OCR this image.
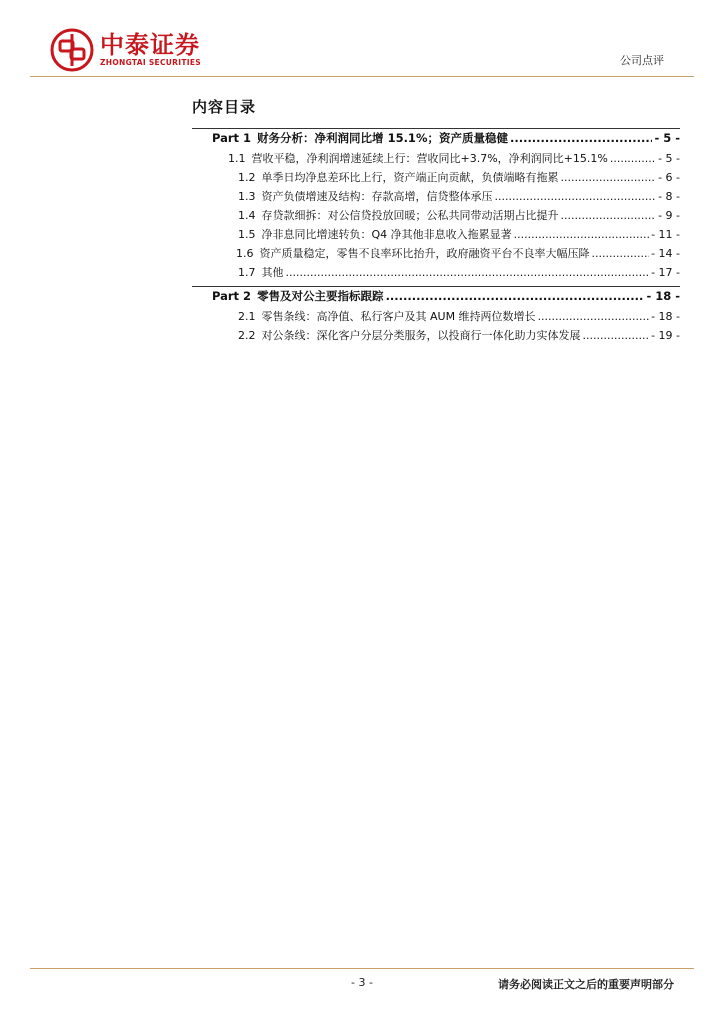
中泰证券
ZHONGTAI SECURITIES	公司点评
内容目录
Part 1 财务分析：净利润同比增 15.1%；资产质量稳健 .....	- 5 -
1.1 营收平稳，净利润增速延续上行：营收同比+3.7%，净利润同比+15.1% .....	- 5 -
1.2 单季日均净息差环比上行，资产端正向贡献，负债端略有拖累 .....	- 6 -
1.3 资产负债增速及结构：存款高增，信贷整体承压 .....	- 8 -
1.4 存贷款细拆：对公信贷投放回暖；公私共同带动活期占比提升 .....	- 9 -
1.5 净非息同比增速转负：Q4 净其他非息收入拖累显著 .....	- 11 -
1.6 资产质量稳定，零售不良率环比抬升，政府融资平台不良率大幅压降 .....	- 14 -
1.7 其他 .....	- 17 -
Part 2 零售及对公主要指标跟踪 .....	- 18 -
2.1 零售条线：高净值、私行客户及其 AUM 维持两位数增长 .....	- 18 -
2.2 对公条线：深化客户分层分类服务，以投商行一体化助力实体发展 .....	- 19 -
- 3 -	请务必阅读正文之后的重要声明部分
